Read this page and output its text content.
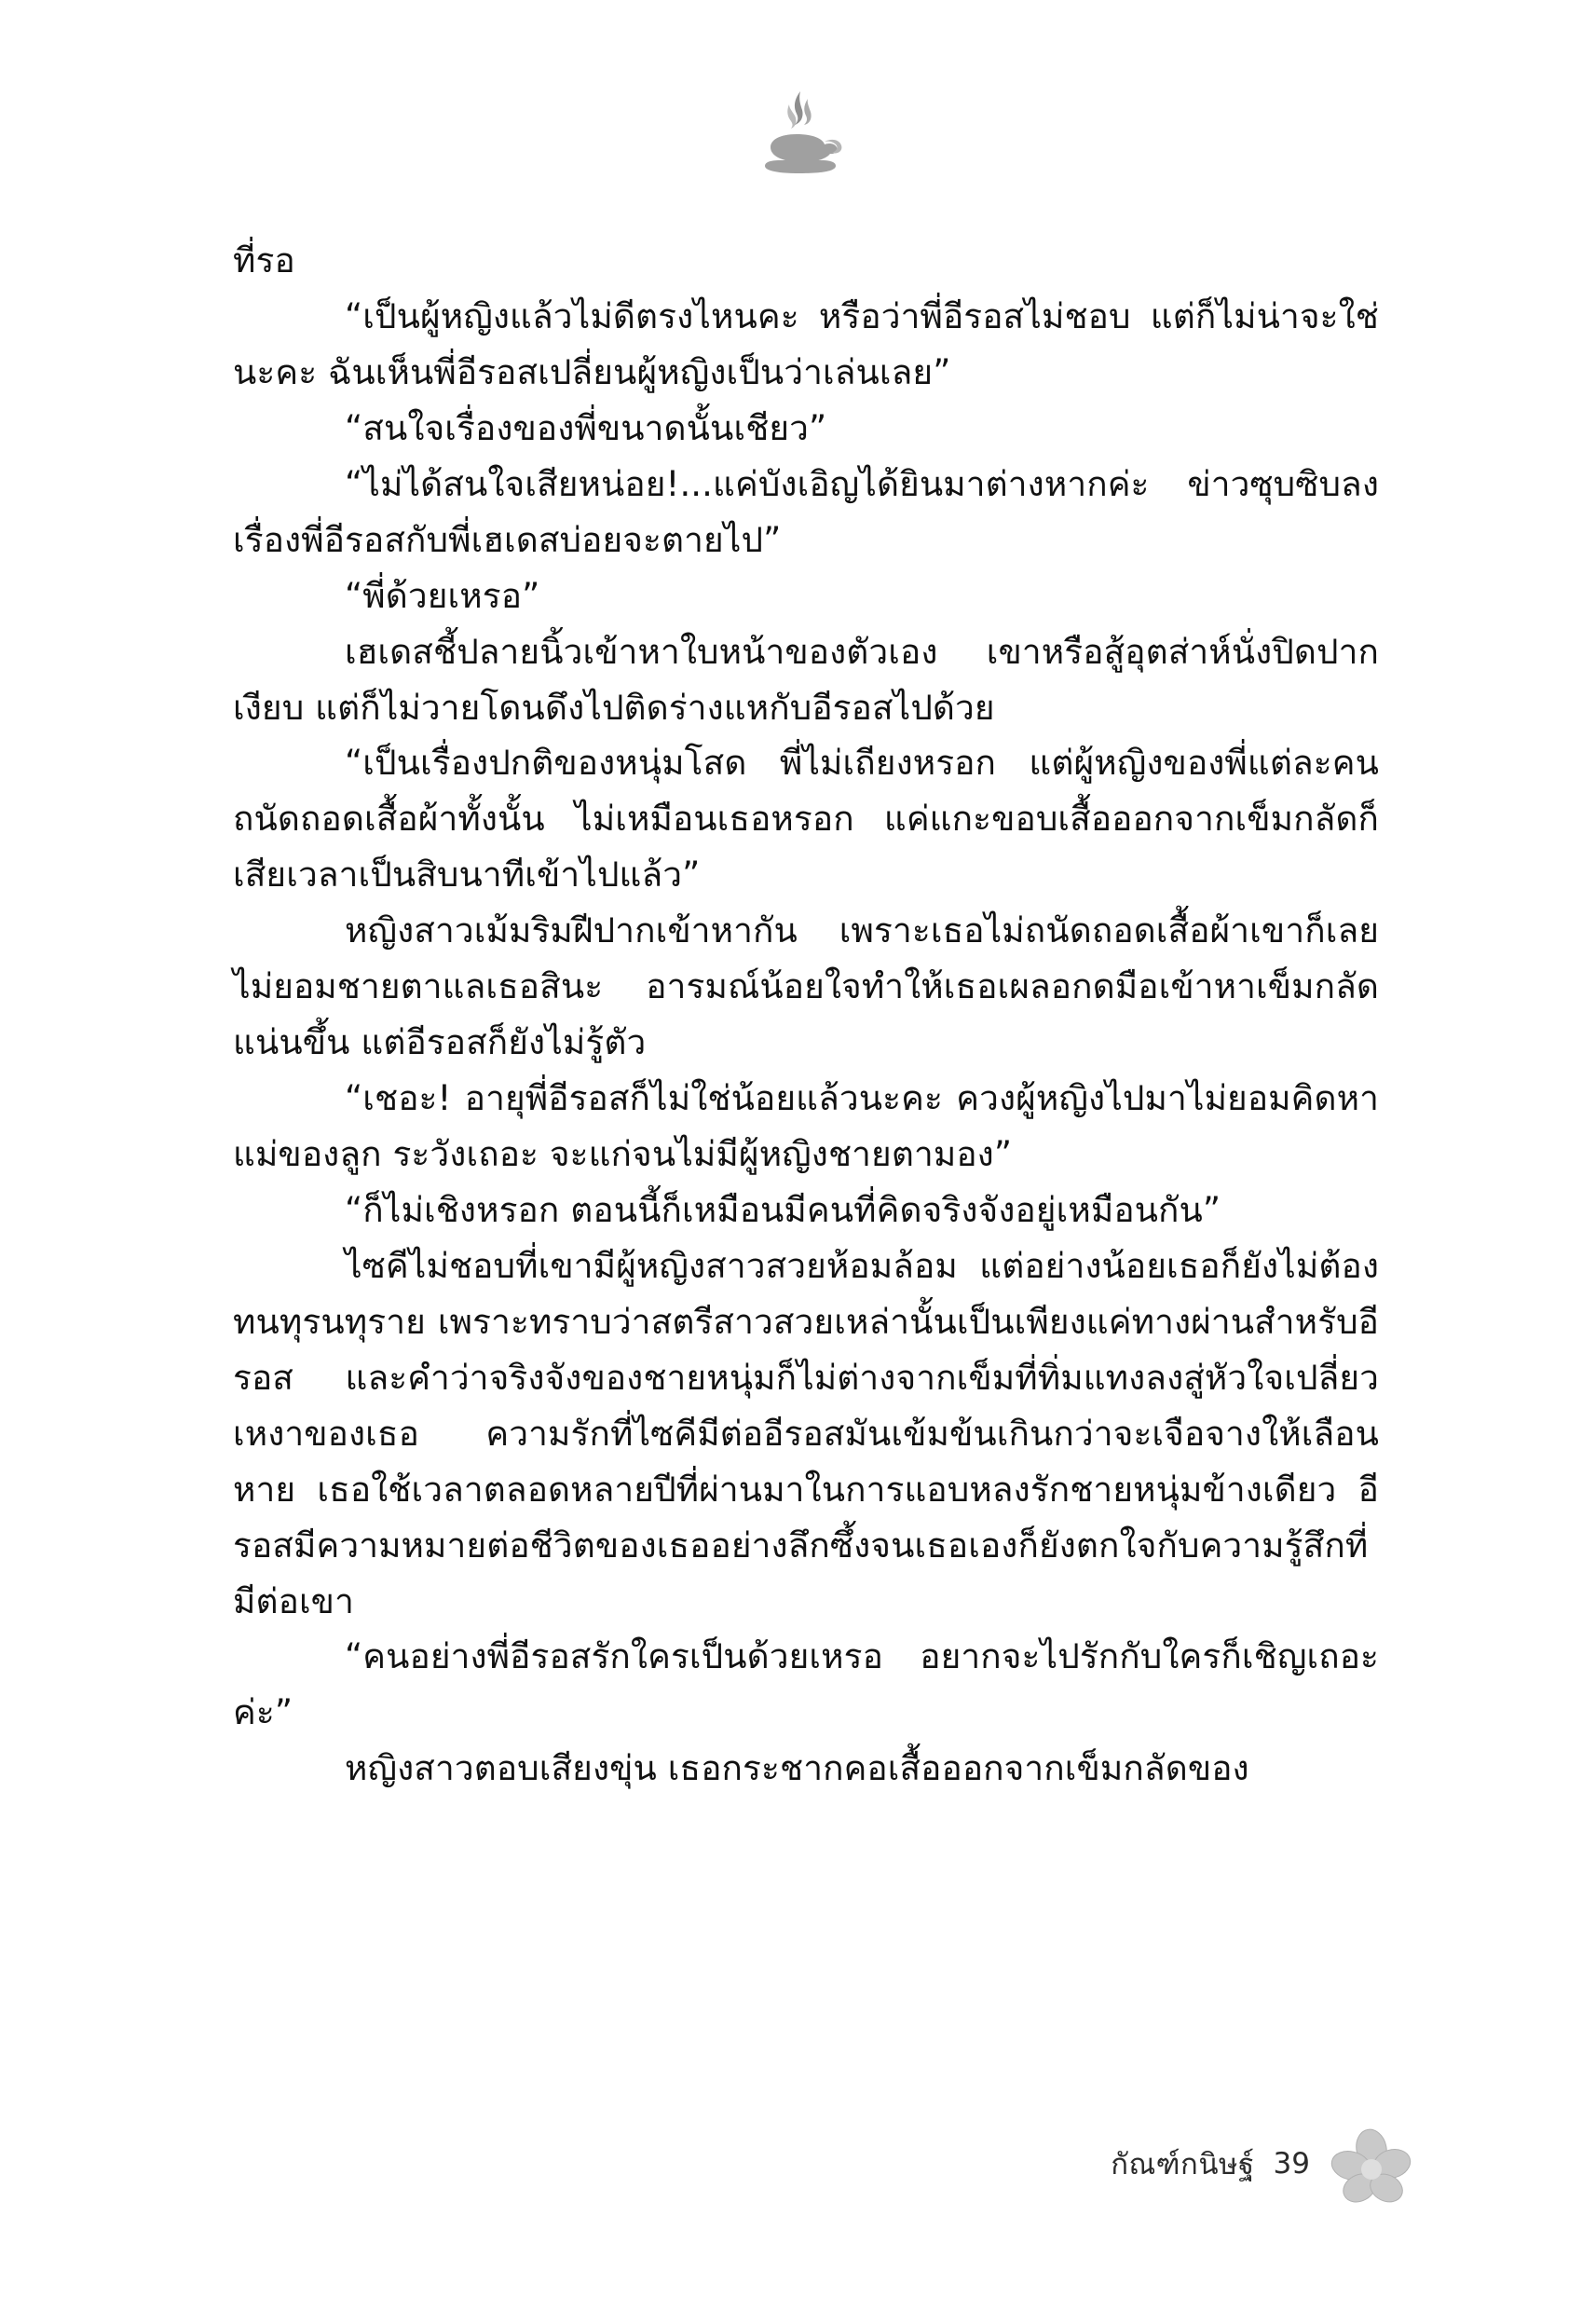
ที่รอ

“เป็นผู้หญิงแล้วไม่ดีตรงไหนคะ หรือว่าพี่อีรอสไม่ชอบ แต่ก็ไม่น่าจะใช่นะคะ ฉันเห็นพี่อีรอสเปลี่ยนผู้หญิงเป็นว่าเล่นเลย”

“สนใจเรื่องของพี่ขนาดนั้นเชียว”

“ไม่ได้สนใจเสียหน่อย!...แค่บังเอิญได้ยินมาต่างหากค่ะ ข่าวซุบซิบลงเรื่องพี่อีรอสกับพี่เฮเดสบ่อยจะตายไป”

“พี่ด้วยเหรอ”

เฮเดสชี้ปลายนิ้วเข้าหาใบหน้าของตัวเอง เขาหรือสู้อุตส่าห์นั่งปิดปากเงียบ แต่ก็ไม่วายโดนดึงไปติดร่างแหกับอีรอสไปด้วย

“เป็นเรื่องปกติของหนุ่มโสด พี่ไม่เถียงหรอก แต่ผู้หญิงของพี่แต่ละคนถนัดถอดเสื้อผ้าทั้งนั้น ไม่เหมือนเธอหรอก แค่แกะขอบเสื้อออกจากเข็มกลัดก็เสียเวลาเป็นสิบนาทีเข้าไปแล้ว”

หญิงสาวเม้มริมฝีปากเข้าหากัน เพราะเธอไม่ถนัดถอดเสื้อผ้าเขาก็เลยไม่ยอมชายตาแลเธอสินะ อารมณ์น้อยใจทำให้เธอเผลอกดมือเข้าหาเข็มกลัดแน่นขึ้น แต่อีรอสก็ยังไม่รู้ตัว

“เชอะ! อายุพี่อีรอสก็ไม่ใช่น้อยแล้วนะคะ ควงผู้หญิงไปมาไม่ยอมคิดหาแม่ของลูก ระวังเถอะ จะแก่จนไม่มีผู้หญิงชายตามอง”

“ก็ไม่เชิงหรอก ตอนนี้ก็เหมือนมีคนที่คิดจริงจังอยู่เหมือนกัน”

ไซคีไม่ชอบที่เขามีผู้หญิงสาวสวยห้อมล้อม แต่อย่างน้อยเธอก็ยังไม่ต้องทนทุรนทุราย เพราะทราบว่าสตรีสาวสวยเหล่านั้นเป็นเพียงแค่ทางผ่านสำหรับอีรอส และคำว่าจริงจังของชายหนุ่มก็ไม่ต่างจากเข็มที่ทิ่มแทงลงสู่หัวใจเปลี่ยวเหงาของเธอ ความรักที่ไซคีมีต่ออีรอสมันเข้มข้นเกินกว่าจะเจือจางให้เลือนหาย เธอใช้เวลาตลอดหลายปีที่ผ่านมาในการแอบหลงรักชายหนุ่มข้างเดียว อีรอสมีความหมายต่อชีวิตของเธออย่างลึกซึ้งจนเธอเองก็ยังตกใจกับความรู้สึกที่มีต่อเขา

“คนอย่างพี่อีรอสรักใครเป็นด้วยเหรอ อยากจะไปรักกับใครก็เชิญเถอะค่ะ”

หญิงสาวตอบเสียงขุ่น เธอกระชากคอเสื้อออกจากเข็มกลัดของ

กัณฑ์กนิษฐ์ 39
